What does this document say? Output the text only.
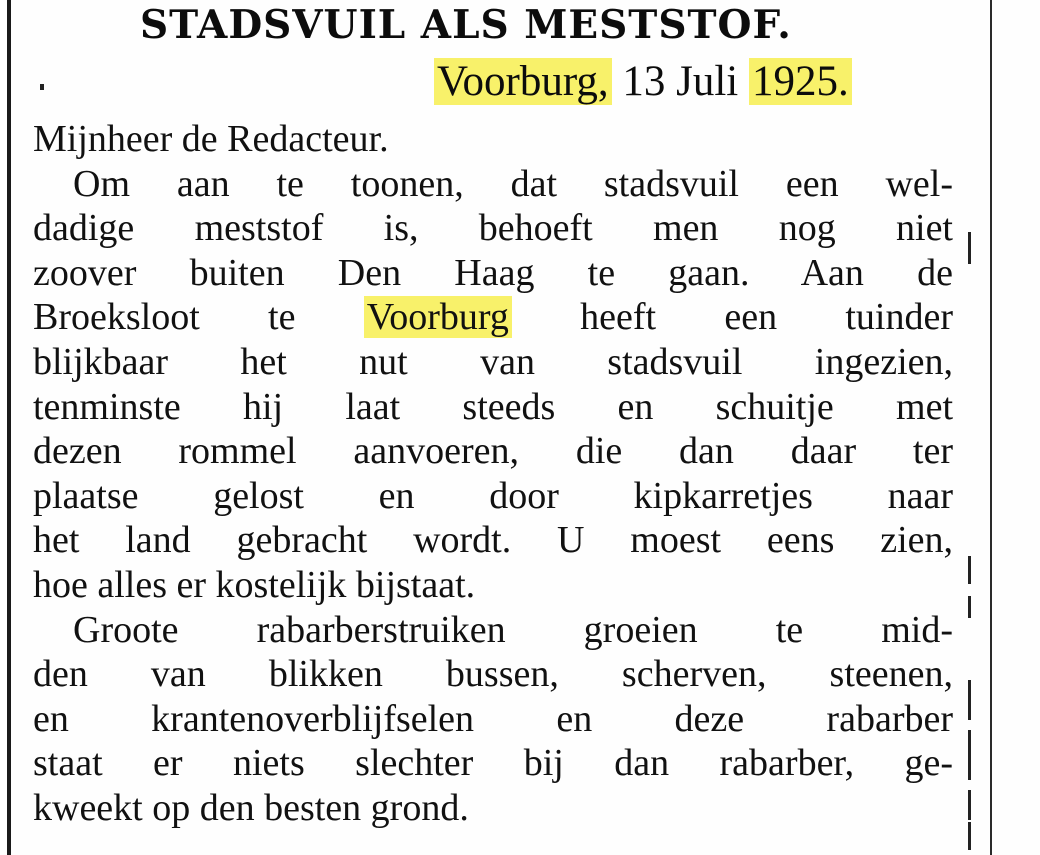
STADSVUIL ALS MESTSTOF.
Voorburg, 13 Juli 1925.
Mijnheer de Redacteur.
Om aan te toonen, dat stadsvuil een wel-
dadige meststof is, behoeft men nog niet
zoover buiten Den Haag te gaan. Aan de
Broeksloot te Voorburg heeft een tuinder
blijkbaar het nut van stadsvuil ingezien,
tenminste hij laat steeds en schuitje met
dezen rommel aanvoeren, die dan daar ter
plaatse gelost en door kipkarretjes naar
het land gebracht wordt. U moest eens zien,
hoe alles er kostelijk bijstaat.
Groote rabarberstruiken groeien te mid-
den van blikken bussen, scherven, steenen,
en krantenoverblijfselen en deze rabarber
staat er niets slechter bij dan rabarber, ge-
kweekt op den besten grond.
